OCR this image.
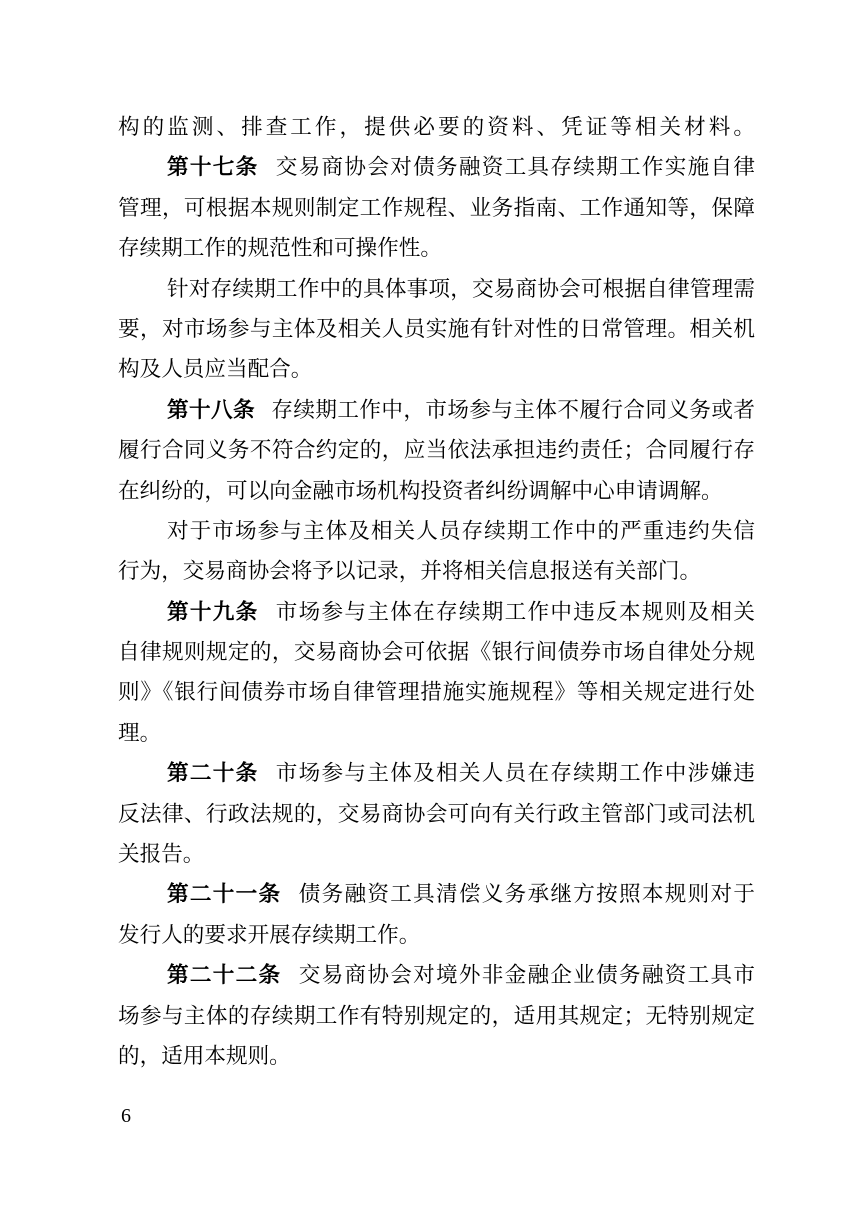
构的监测、排查工作，提供必要的资料、凭证等相关材料。
第十七条 交易商协会对债务融资工具存续期工作实施自律
管理，可根据本规则制定工作规程、业务指南、工作通知等，保障
存续期工作的规范性和可操作性。
针对存续期工作中的具体事项，交易商协会可根据自律管理需
要，对市场参与主体及相关人员实施有针对性的日常管理。相关机
构及人员应当配合。
第十八条 存续期工作中，市场参与主体不履行合同义务或者
履行合同义务不符合约定的，应当依法承担违约责任；合同履行存
在纠纷的，可以向金融市场机构投资者纠纷调解中心申请调解。
对于市场参与主体及相关人员存续期工作中的严重违约失信
行为，交易商协会将予以记录，并将相关信息报送有关部门。
第十九条 市场参与主体在存续期工作中违反本规则及相关
自律规则规定的，交易商协会可依据《银行间债券市场自律处分规
则》《银行间债券市场自律管理措施实施规程》等相关规定进行处
理。
第二十条 市场参与主体及相关人员在存续期工作中涉嫌违
反法律、行政法规的，交易商协会可向有关行政主管部门或司法机
关报告。
第二十一条 债务融资工具清偿义务承继方按照本规则对于
发行人的要求开展存续期工作。
第二十二条 交易商协会对境外非金融企业债务融资工具市
场参与主体的存续期工作有特别规定的，适用其规定；无特别规定
的，适用本规则。
6
